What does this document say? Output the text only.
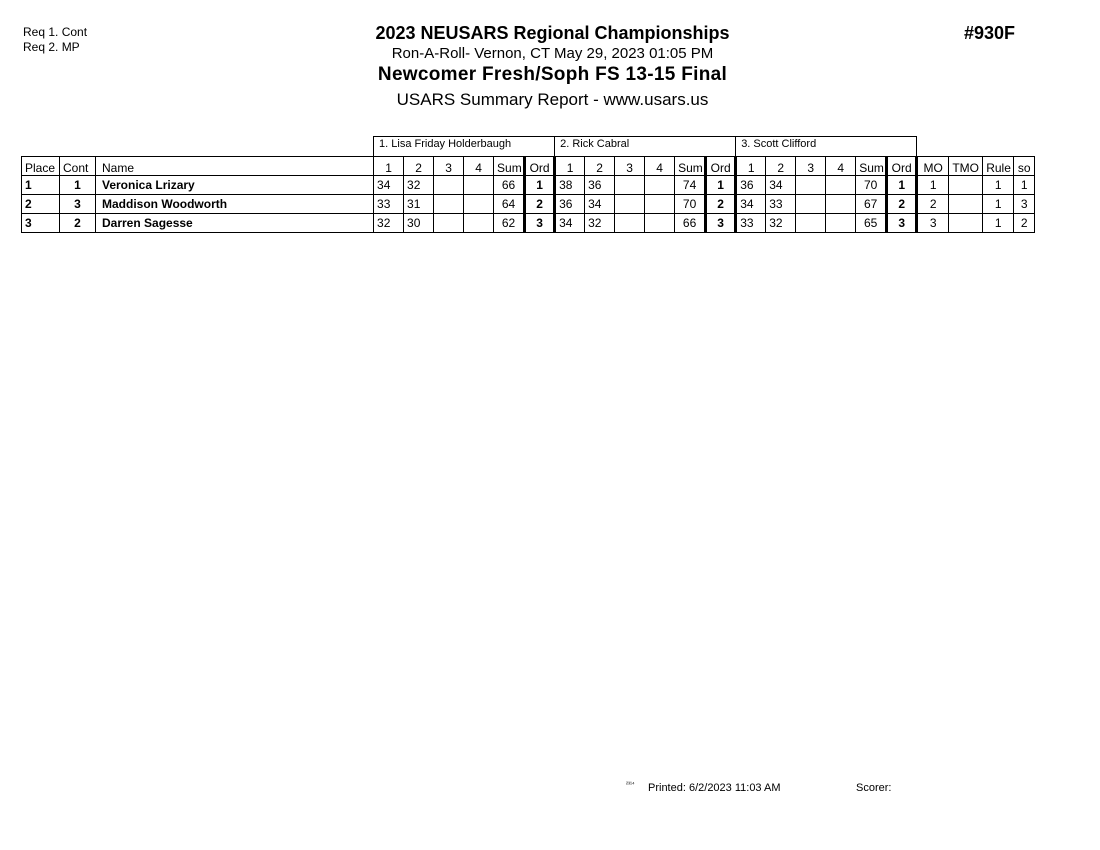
Req 1. Cont
Req 2. MP
2023 NEUSARS Regional Championships
Ron-A-Roll- Vernon, CT May 29, 2023 01:05 PM
Newcomer Fresh/Soph FS 13-15 Final
USARS Summary Report - www.usars.us
#930F
			1. Lisa Friday Holderbaugh						2. Rick Cabral						3. Scott Clifford									
Place	Cont	Name	1	2	3	4	Sum	Ord	1	2	3	4	Sum	Ord	1	2	3	4	Sum	Ord	MO	TMO	Rule	so
1	1	Veronica Lrizary	34	32			66	1	38	36			74	1	36	34			70	1	1		1	1
2	3	Maddison Woodworth	33	31			64	2	36	34			70	2	34	33			67	2	2		1	3
3	2	Darren Sagesse	32	30			62	3	34	32			66	3	33	32			65	3	3		1	2
²³¹⁴ Printed: 6/2/2023 11:03 AM	Scorer:
